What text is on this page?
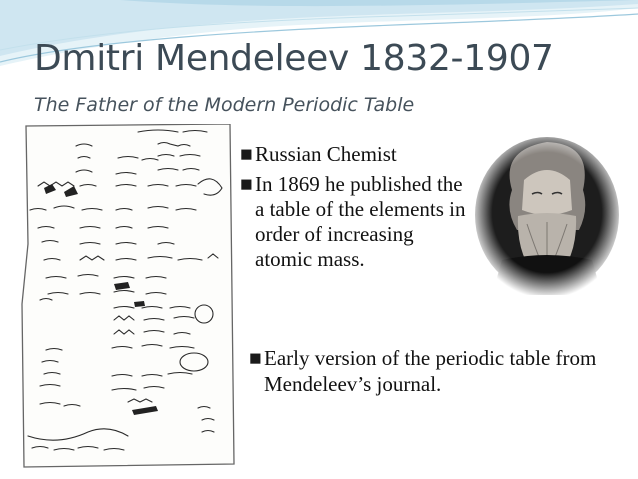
Dmitri Mendeleev 1832-1907

The Father of the Modern Periodic Table

■ Russian Chemist
■ In 1869 he published the a table of the elements in order of increasing atomic mass.
■ Early version of the periodic table from Mendeleev’s journal.
